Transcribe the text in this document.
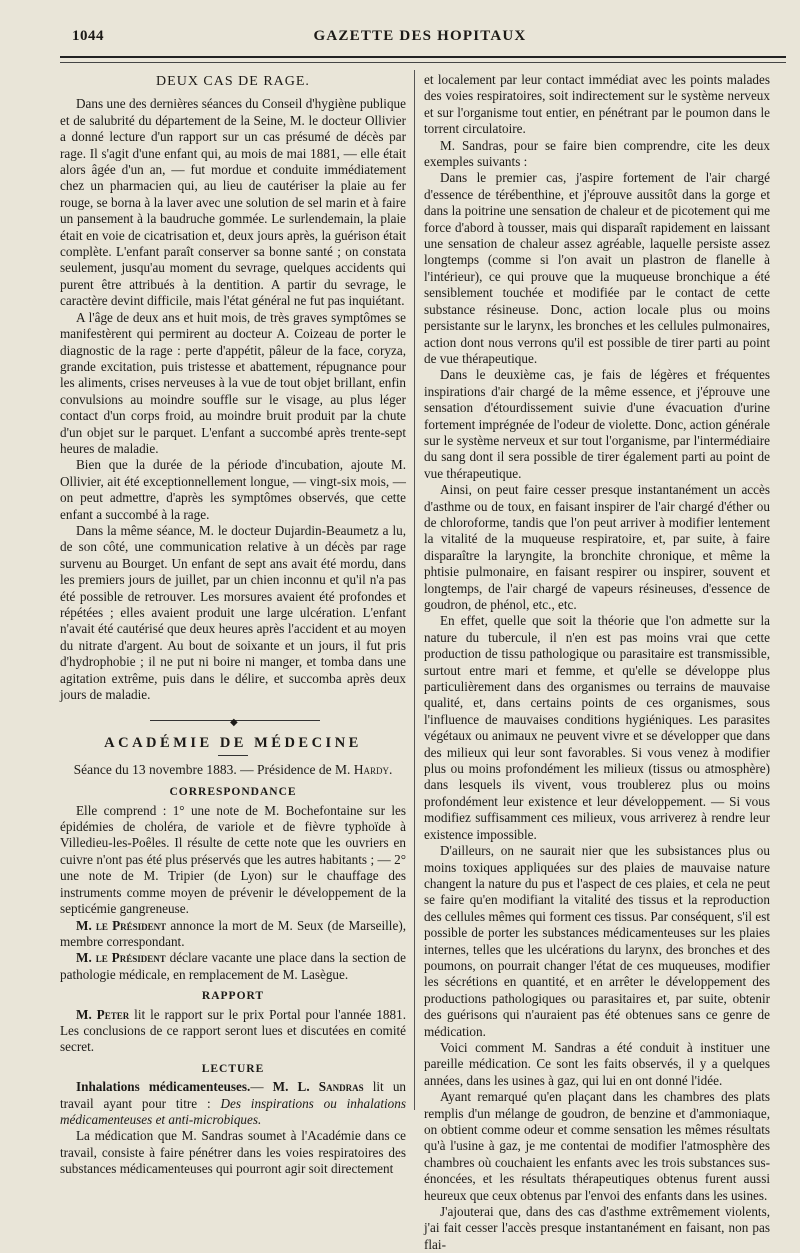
1044	GAZETTE DES HOPITAUX
DEUX CAS DE RAGE.

Dans une des dernières séances du Conseil d'hygiène publique et de salubrité du département de la Seine, M. le docteur Ollivier a donné lecture d'un rapport sur un cas présumé de décès par rage. Il s'agit d'une enfant qui, au mois de mai 1881, — elle était alors âgée d'un an, — fut mordue et conduite immédiatement chez un pharmacien qui, au lieu de cautériser la plaie au fer rouge, se borna à la laver avec une solution de sel marin et à faire un pansement à la baudruche gommée. Le surlendemain, la plaie était en voie de cicatrisation et, deux jours après, la guérison était complète. L'enfant paraît conserver sa bonne santé ; on constata seulement, jusqu'au moment du sevrage, quelques accidents qui purent être attribués à la dentition. A partir du sevrage, le caractère devint difficile, mais l'état général ne fut pas inquiétant.

A l'âge de deux ans et huit mois, de très graves symptômes se manifestèrent qui permirent au docteur A. Coizeau de porter le diagnostic de la rage : perte d'appétit, pâleur de la face, coryza, grande excitation, puis tristesse et abattement, répugnance pour les aliments, crises nerveuses à la vue de tout objet brillant, enfin convulsions au moindre souffle sur le visage, au plus léger contact d'un corps froid, au moindre bruit produit par la chute d'un objet sur le parquet. L'enfant a succombé après trente-sept heures de maladie.

Bien que la durée de la période d'incubation, ajoute M. Ollivier, ait été exceptionnellement longue, — vingt-six mois, — on peut admettre, d'après les symptômes observés, que cette enfant a succombé à la rage.

Dans la même séance, M. le docteur Dujardin-Beaumetz a lu, de son côté, une communication relative à un décès par rage survenu au Bourget. Un enfant de sept ans avait été mordu, dans les premiers jours de juillet, par un chien inconnu et qu'il n'a pas été possible de retrouver. Les morsures avaient été profondes et répétées ; elles avaient produit une large ulcération. L'enfant n'avait été cautérisé que deux heures après l'accident et au moyen du nitrate d'argent. Au bout de soixante et un jours, il fut pris d'hydrophobie ; il ne put ni boire ni manger, et tomba dans une agitation extrême, puis dans le délire, et succomba après deux jours de maladie.

◆
ACADÉMIE DE MÉDECINE
Séance du 13 novembre 1883. — Présidence de M. Hardy.
CORRESPONDANCE

Elle comprend : 1° une note de M. Bochefontaine sur les épidémies de choléra, de variole et de fièvre typhoïde à Villedieu-les-Poêles. Il résulte de cette note que les ouvriers en cuivre n'ont pas été plus préservés que les autres habitants ; — 2° une note de M. Tripier (de Lyon) sur le chauffage des instruments comme moyen de prévenir le développement de la septicémie gangreneuse.

M. le Président annonce la mort de M. Seux (de Marseille), membre correspondant.

M. le Président déclare vacante une place dans la section de pathologie médicale, en remplacement de M. Lasègue.

RAPPORT

M. Peter lit le rapport sur le prix Portal pour l'année 1881. Les conclusions de ce rapport seront lues et discutées en comité secret.

LECTURE

Inhalations médicamenteuses.— M. L. Sandras lit un travail ayant pour titre : Des inspirations ou inhalations médicamenteuses et anti-microbiques.

La médication que M. Sandras soumet à l'Académie dans ce travail, consiste à faire pénétrer dans les voies respiratoires des substances médicamenteuses qui pourront agir soit directement

et localement par leur contact immédiat avec les points malades des voies respiratoires, soit indirectement sur le système nerveux et sur l'organisme tout entier, en pénétrant par le poumon dans le torrent circulatoire.

M. Sandras, pour se faire bien comprendre, cite les deux exemples suivants :

Dans le premier cas, j'aspire fortement de l'air chargé d'essence de térébenthine, et j'éprouve aussitôt dans la gorge et dans la poitrine une sensation de chaleur et de picotement qui me force d'abord à tousser, mais qui disparaît rapidement en laissant une sensation de chaleur assez agréable, laquelle persiste assez longtemps (comme si l'on avait un plastron de flanelle à l'intérieur), ce qui prouve que la muqueuse bronchique a été sensiblement touchée et modifiée par le contact de cette substance résineuse. Donc, action locale plus ou moins persistante sur le larynx, les bronches et les cellules pulmonaires, action dont nous verrons qu'il est possible de tirer parti au point de vue thérapeutique.

Dans le deuxième cas, je fais de légères et fréquentes inspirations d'air chargé de la même essence, et j'éprouve une sensation d'étourdissement suivie d'une évacuation d'urine fortement imprégnée de l'odeur de violette. Donc, action générale sur le système nerveux et sur tout l'organisme, par l'intermédiaire du sang dont il sera possible de tirer également parti au point de vue thérapeutique.

Ainsi, on peut faire cesser presque instantanément un accès d'asthme ou de toux, en faisant inspirer de l'air chargé d'éther ou de chloroforme, tandis que l'on peut arriver à modifier lentement la vitalité de la muqueuse respiratoire, et, par suite, à faire disparaître la laryngite, la bronchite chronique, et même la phtisie pulmonaire, en faisant respirer ou inspirer, souvent et longtemps, de l'air chargé de vapeurs résineuses, d'essence de goudron, de phénol, etc., etc.

En effet, quelle que soit la théorie que l'on admette sur la nature du tubercule, il n'en est pas moins vrai que cette production de tissu pathologique ou parasitaire est transmissible, surtout entre mari et femme, et qu'elle se développe plus particulièrement dans des organismes ou terrains de mauvaise qualité, et, dans certains points de ces organismes, sous l'influence de mauvaises conditions hygiéniques. Les parasites végétaux ou animaux ne peuvent vivre et se développer que dans des milieux qui leur sont favorables. Si vous venez à modifier plus ou moins profondément les milieux (tissus ou atmosphère) dans lesquels ils vivent, vous troublerez plus ou moins profondément leur existence et leur développement. — Si vous modifiez suffisamment ces milieux, vous arriverez à rendre leur existence impossible.

D'ailleurs, on ne saurait nier que les subsistances plus ou moins toxiques appliquées sur des plaies de mauvaise nature changent la nature du pus et l'aspect de ces plaies, et cela ne peut se faire qu'en modifiant la vitalité des tissus et la reproduction des cellules mêmes qui forment ces tissus. Par conséquent, s'il est possible de porter les substances médicamenteuses sur les plaies internes, telles que les ulcérations du larynx, des bronches et des poumons, on pourrait changer l'état de ces muqueuses, modifier les sécrétions en quantité, et en arrêter le développement des productions pathologiques ou parasitaires et, par suite, obtenir des guérisons qui n'auraient pas été obtenues sans ce genre de médication.

Voici comment M. Sandras a été conduit à instituer une pareille médication. Ce sont les faits observés, il y a quelques années, dans les usines à gaz, qui lui en ont donné l'idée.

Ayant remarqué qu'en plaçant dans les chambres des plats remplis d'un mélange de goudron, de benzine et d'ammoniaque, on obtient comme odeur et comme sensation les mêmes résultats qu'à l'usine à gaz, je me contentai de modifier l'atmosphère des chambres où couchaient les enfants avec les trois substances sus-énoncées, et les résultats thérapeutiques obtenus furent aussi heureux que ceux obtenus par l'envoi des enfants dans les usines.

J'ajouterai que, dans des cas d'asthme extrêmement violents, j'ai fait cesser l'accès presque instantanément en faisant, non pas flai-
